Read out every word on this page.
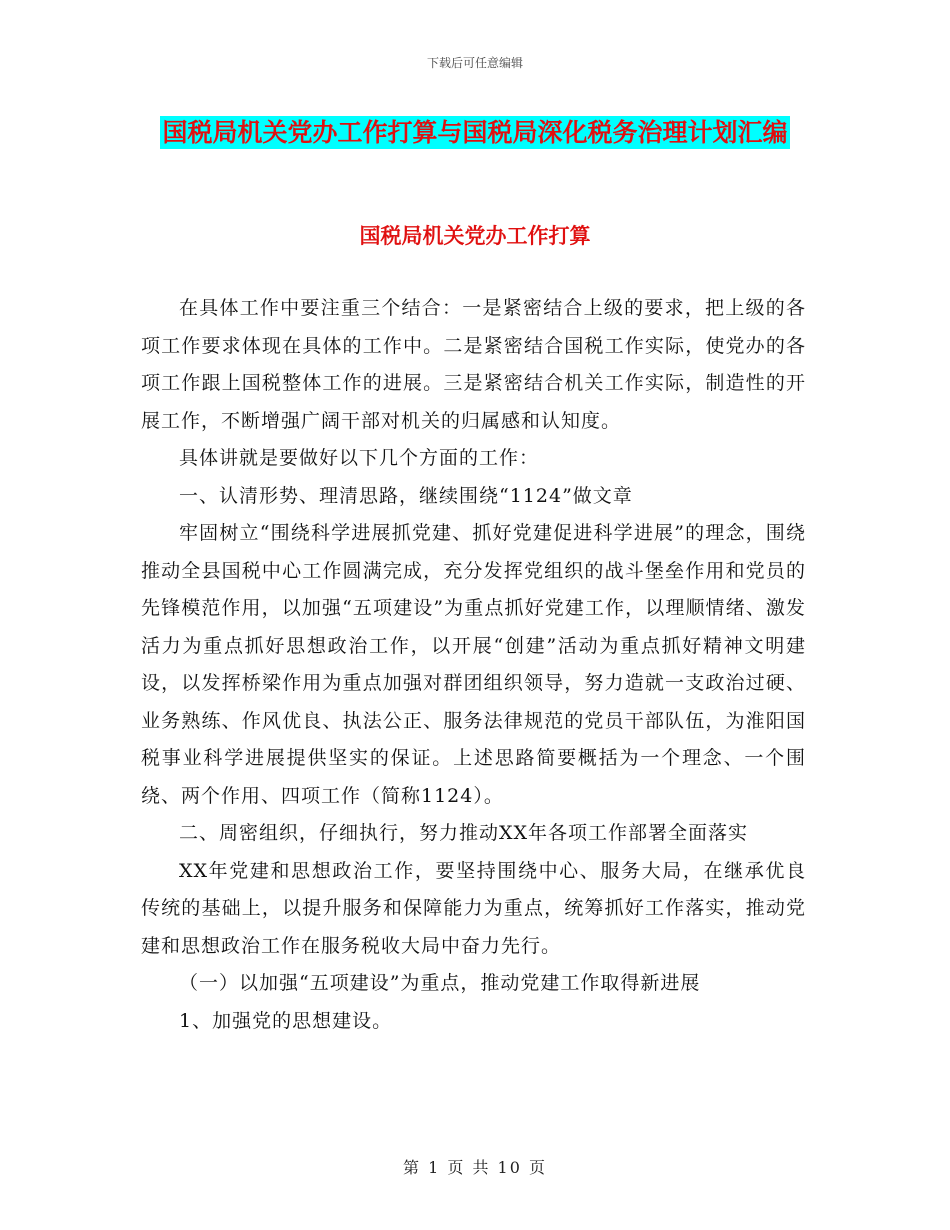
下载后可任意编辑
国税局机关党办工作打算与国税局深化税务治理计划汇编
国税局机关党办工作打算

在具体工作中要注重三个结合：一是紧密结合上级的要求，把上级的各项工作要求体现在具体的工作中。二是紧密结合国税工作实际，使党办的各项工作跟上国税整体工作的进展。三是紧密结合机关工作实际，制造性的开展工作，不断增强广阔干部对机关的归属感和认知度。

具体讲就是要做好以下几个方面的工作：

一、认清形势、理清思路，继续围绕“1124”做文章

牢固树立“围绕科学进展抓党建、抓好党建促进科学进展”的理念，围绕推动全县国税中心工作圆满完成，充分发挥党组织的战斗堡垒作用和党员的先锋模范作用，以加强“五项建设”为重点抓好党建工作，以理顺情绪、激发活力为重点抓好思想政治工作，以开展“创建”活动为重点抓好精神文明建设，以发挥桥梁作用为重点加强对群团组织领导，努力造就一支政治过硬、业务熟练、作风优良、执法公正、服务法律规范的党员干部队伍，为淮阳国税事业科学进展提供坚实的保证。上述思路简要概括为一个理念、一个围绕、两个作用、四项工作（简称1124）。

二、周密组织，仔细执行，努力推动XX年各项工作部署全面落实

XX年党建和思想政治工作，要坚持围绕中心、服务大局，在继承优良传统的基础上，以提升服务和保障能力为重点，统筹抓好工作落实，推动党建和思想政治工作在服务税收大局中奋力先行。

（一）以加强“五项建设”为重点，推动党建工作取得新进展

1、加强党的思想建设。

第 1 页 共 10 页
